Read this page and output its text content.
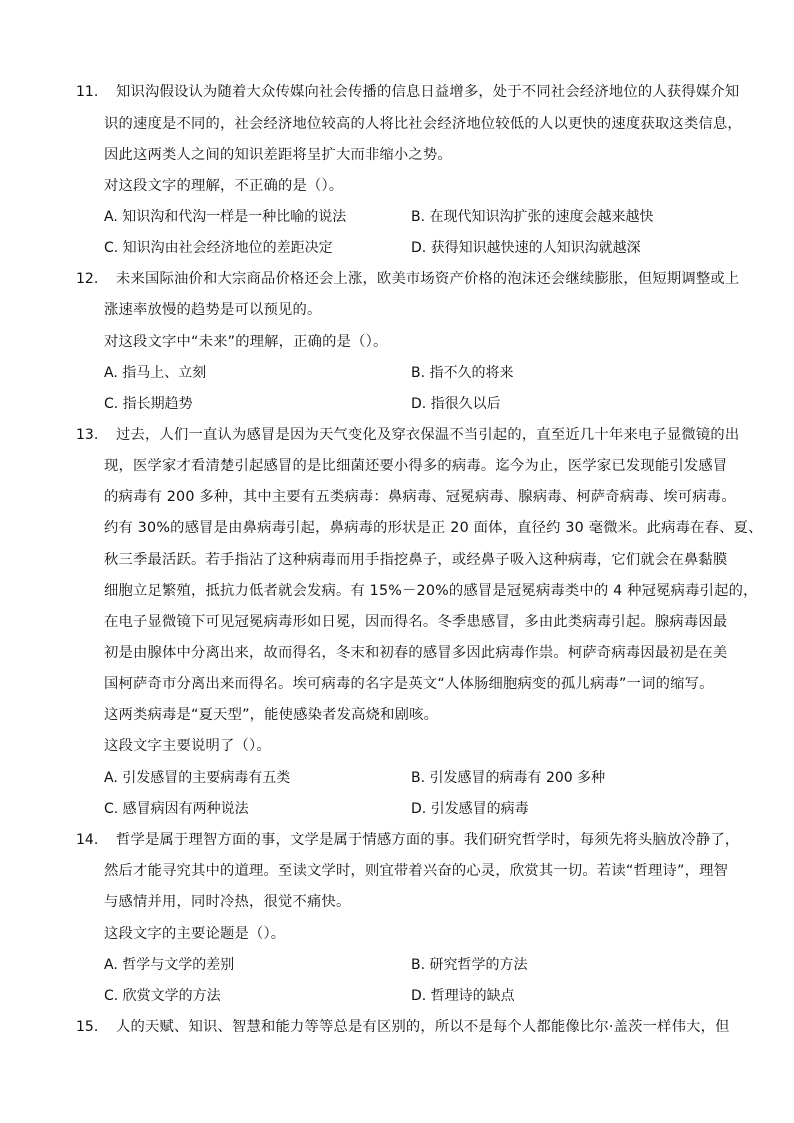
11. 知识沟假设认为随着大众传媒向社会传播的信息日益增多，处于不同社会经济地位的人获得媒介知
识的速度是不同的，社会经济地位较高的人将比社会经济地位较低的人以更快的速度获取这类信息，
因此这两类人之间的知识差距将呈扩大而非缩小之势。
对这段文字的理解，不正确的是（）。
A. 知识沟和代沟一样是一种比喻的说法	B. 在现代知识沟扩张的速度会越来越快
C. 知识沟由社会经济地位的差距决定	D. 获得知识越快速的人知识沟就越深
12. 未来国际油价和大宗商品价格还会上涨，欧美市场资产价格的泡沫还会继续膨胀，但短期调整或上
涨速率放慢的趋势是可以预见的。
对这段文字中“未来”的理解，正确的是（）。
A. 指马上、立刻	B. 指不久的将来
C. 指长期趋势	D. 指很久以后
13. 过去，人们一直认为感冒是因为天气变化及穿衣保温不当引起的，直至近几十年来电子显微镜的出
现，医学家才看清楚引起感冒的是比细菌还要小得多的病毒。迄今为止，医学家已发现能引发感冒
的病毒有 200 多种，其中主要有五类病毒：鼻病毒、冠冕病毒、腺病毒、柯萨奇病毒、埃可病毒。
约有 30%的感冒是由鼻病毒引起，鼻病毒的形状是正 20 面体，直径约 30 毫微米。此病毒在春、夏、
秋三季最活跃。若手指沾了这种病毒而用手指挖鼻子，或经鼻子吸入这种病毒，它们就会在鼻黏膜
细胞立足繁殖，抵抗力低者就会发病。有 15%－20%的感冒是冠冕病毒类中的 4 种冠冕病毒引起的，
在电子显微镜下可见冠冕病毒形如日冕，因而得名。冬季患感冒，多由此类病毒引起。腺病毒因最
初是由腺体中分离出来，故而得名，冬末和初春的感冒多因此病毒作祟。柯萨奇病毒因最初是在美
国柯萨奇市分离出来而得名。埃可病毒的名字是英文“人体肠细胞病变的孤儿病毒”一词的缩写。
这两类病毒是“夏天型”，能使感染者发高烧和剧咳。
这段文字主要说明了（）。
A. 引发感冒的主要病毒有五类	B. 引发感冒的病毒有 200 多种
C. 感冒病因有两种说法	D. 引发感冒的病毒
14. 哲学是属于理智方面的事，文学是属于情感方面的事。我们研究哲学时，每须先将头脑放冷静了，
然后才能寻究其中的道理。至读文学时，则宜带着兴奋的心灵，欣赏其一切。若读“哲理诗”，理智
与感情并用，同时冷热，很觉不痛快。
这段文字的主要论题是（）。
A. 哲学与文学的差别	B. 研究哲学的方法
C. 欣赏文学的方法	D. 哲理诗的缺点
15. 人的天赋、知识、智慧和能力等等总是有区别的，所以不是每个人都能像比尔·盖茨一样伟大，但
